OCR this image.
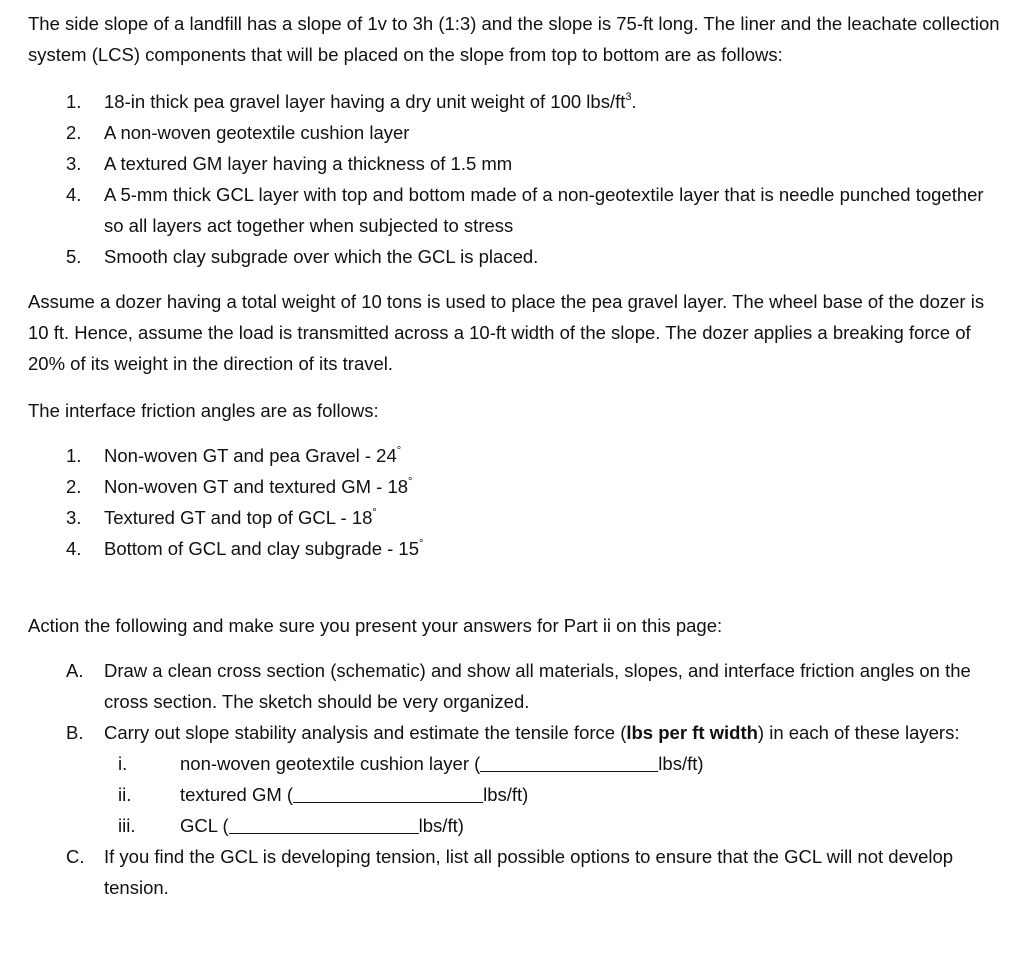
The side slope of a landfill has a slope of 1v to 3h (1:3) and the slope is 75-ft long. The liner and the leachate collection system (LCS) components that will be placed on the slope from top to bottom are as follows:

1.	18-in thick pea gravel layer having a dry unit weight of 100 lbs/$ft^3$.
2.	A non-woven geotextile cushion layer
3.	A textured GM layer having a thickness of 1.5 mm
4.	A 5-mm thick GCL layer with top and bottom made of a non-geotextile layer that is needle punched together so all layers act together when subjected to stress
5.	Smooth clay subgrade over which the GCL is placed.

Assume a dozer having a total weight of 10 tons is used to place the pea gravel layer. The wheel base of the dozer is 10 ft. Hence, assume the load is transmitted across a 10-ft width of the slope. The dozer applies a breaking force of 20% of its weight in the direction of its travel.

The interface friction angles are as follows:

1.	Non-woven GT and pea Gravel - 24°
2.	Non-woven GT and textured GM - 18°
3.	Textured GT and top of GCL - 18°
4.	Bottom of GCL and clay subgrade - 15°

Action the following and make sure you present your answers for Part ii on this page:

A.	Draw a clean cross section (schematic) and show all materials, slopes, and interface friction angles on the cross section. The sketch should be very organized.
B.	Carry out slope stability analysis and estimate the tensile force (lbs per ft width) in each of these layers:
i.	non-woven geotextile cushion layer (	lbs/ft)
ii.	textured GM (	lbs/ft)
iii.	GCL (	lbs/ft)
C.	If you find the GCL is developing tension, list all possible options to ensure that the GCL will not develop tension.
